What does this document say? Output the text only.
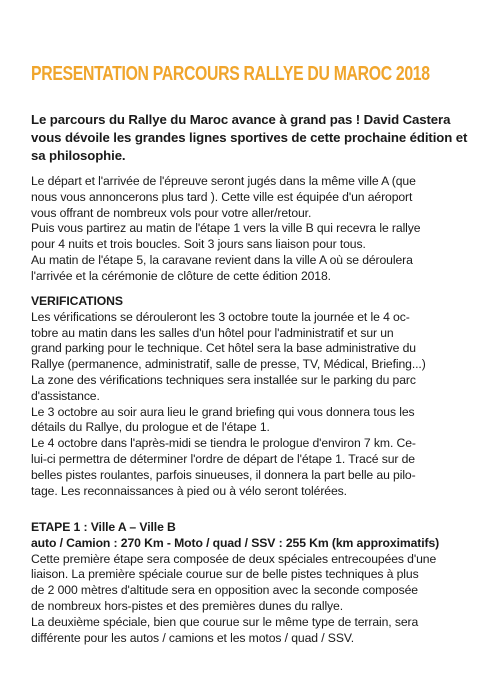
PRESENTATION PARCOURS RALLYE DU MAROC 2018

Le parcours du Rallye du Maroc avance à grand pas ! David Castera vous dévoile les grandes lignes sportives de cette prochaine édition et sa philosophie.

Le départ et l'arrivée de l'épreuve seront jugés dans la même ville A (que

nous vous annoncerons plus tard ). Cette ville est équipée d'un aéroport

vous offrant de nombreux vols pour votre aller/retour.

Puis vous partirez au matin de l'étape 1 vers la ville B qui recevra le rallye

pour 4 nuits et trois boucles. Soit 3 jours sans liaison pour tous.

Au matin de l'étape 5, la caravane revient dans la ville A où se déroulera

l'arrivée et la cérémonie de clôture de cette édition 2018.

VERIFICATIONS

Les vérifications se dérouleront les 3 octobre toute la journée et le 4 oc-

tobre au matin dans les salles d'un hôtel pour l'administratif et sur un

grand parking pour le technique. Cet hôtel sera la base administrative du

Rallye (permanence, administratif, salle de presse, TV, Médical, Briefing...)

La zone des vérifications techniques sera installée sur le parking du parc

d'assistance.

Le 3 octobre au soir aura lieu le grand briefing qui vous donnera tous les

détails du Rallye, du prologue et de l'étape 1.

Le 4 octobre dans l'après-midi se tiendra le prologue d'environ 7 km. Ce-

lui-ci permettra de déterminer l'ordre de départ de l'étape 1. Tracé sur de

belles pistes roulantes, parfois sinueuses, il donnera la part belle au pilo-

tage. Les reconnaissances à pied ou à vélo seront tolérées.

ETAPE 1 : Ville A – Ville B

auto / Camion : 270 Km - Moto / quad / SSV : 255 Km (km approximatifs)

Cette première étape sera composée de deux spéciales entrecoupées d'une

liaison. La première spéciale courue sur de belle pistes techniques à plus

de 2 000 mètres d'altitude sera en opposition avec la seconde composée

de nombreux hors-pistes et des premières dunes du rallye.

La deuxième spéciale, bien que courue sur le même type de terrain, sera

différente pour les autos / camions et les motos / quad / SSV.
